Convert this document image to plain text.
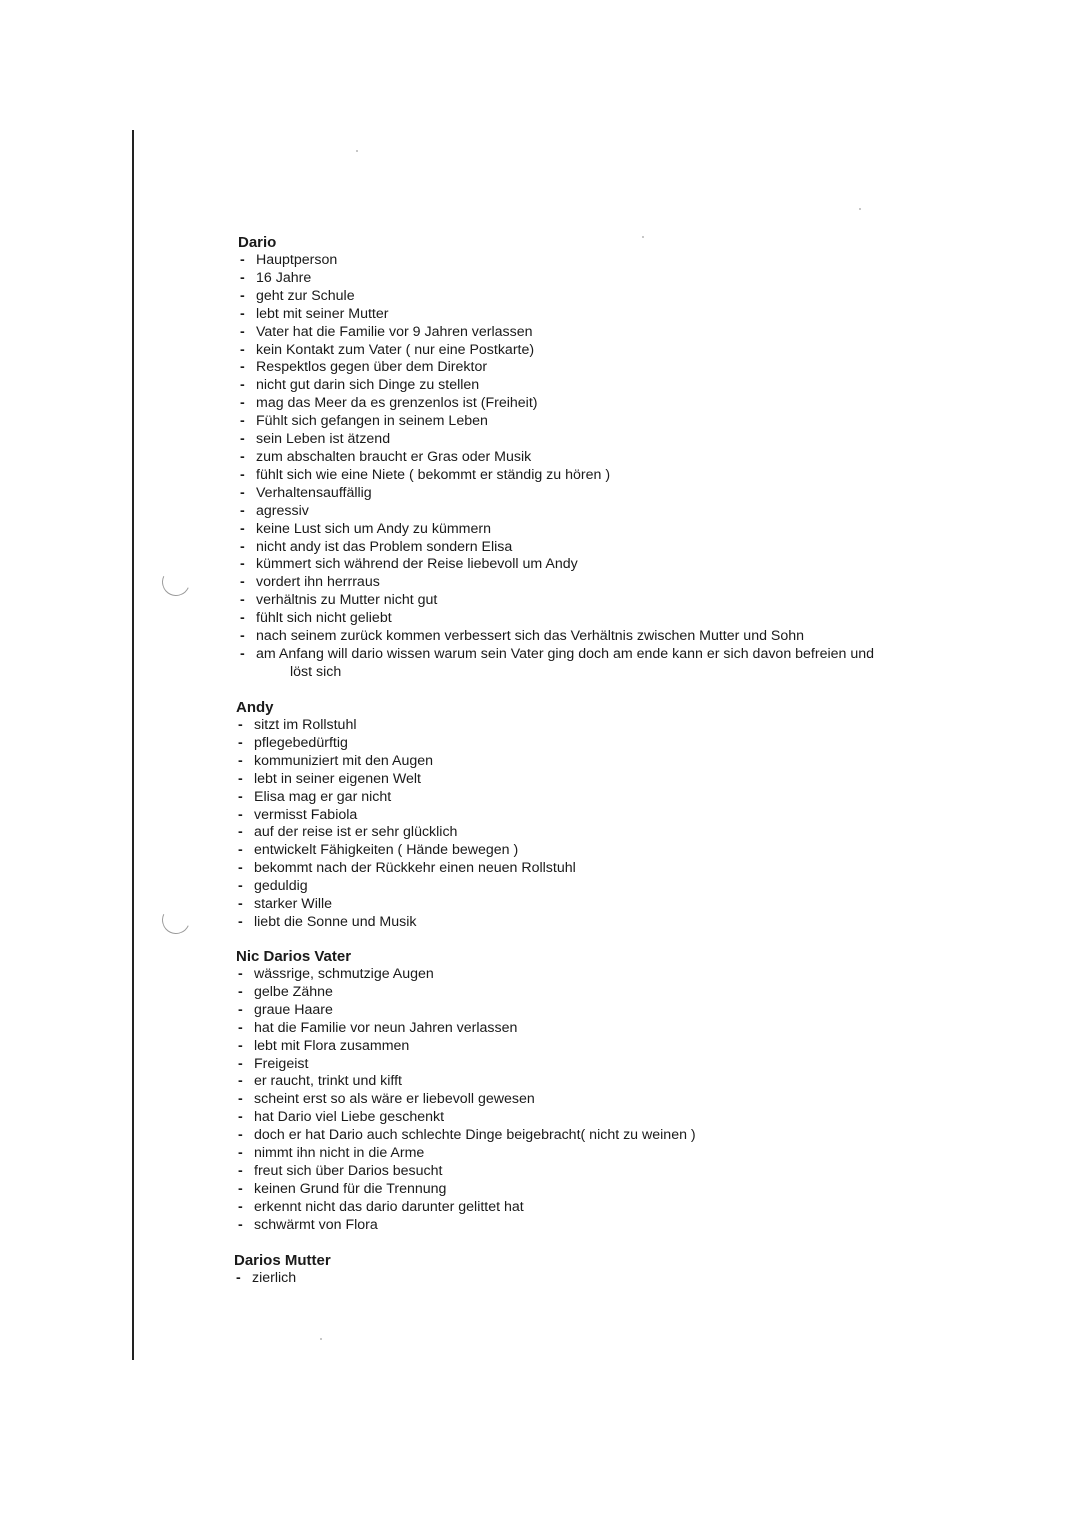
Dario

- Hauptperson
- 16 Jahre
- geht zur Schule
- lebt mit seiner Mutter
- Vater hat die Familie vor 9 Jahren verlassen
- kein Kontakt zum Vater ( nur eine Postkarte)
- Respektlos gegen über dem Direktor
- nicht gut darin sich Dinge zu stellen
- mag das Meer da es grenzenlos ist (Freiheit)
- Fühlt sich gefangen in seinem Leben
- sein Leben ist ätzend
- zum abschalten braucht er Gras oder Musik
- fühlt sich wie eine Niete ( bekommt er ständig zu hören )
- Verhaltensauffällig
- agressiv
- keine Lust sich um Andy zu kümmern
- nicht andy ist das Problem sondern Elisa
- kümmert sich während der Reise liebevoll um Andy
- vordert ihn herrraus
- verhältnis zu Mutter nicht gut
- fühlt sich nicht geliebt
- nach seinem zurück kommen verbessert sich das Verhältnis zwischen Mutter und Sohn
- am Anfang will dario wissen warum sein Vater ging doch am ende kann er sich davon befreien und
löst sich

Andy

- sitzt im Rollstuhl
- pflegebedürftig
- kommuniziert mit den Augen
- lebt in seiner eigenen Welt
- Elisa mag er gar nicht
- vermisst Fabiola
- auf der reise ist er sehr glücklich
- entwickelt Fähigkeiten ( Hände bewegen )
- bekommt nach der Rückkehr einen neuen Rollstuhl
- geduldig
- starker Wille
- liebt die Sonne und Musik

Nic Darios Vater

- wässrige, schmutzige Augen
- gelbe Zähne
- graue Haare
- hat die Familie vor neun Jahren verlassen
- lebt mit Flora zusammen
- Freigeist
- er raucht, trinkt und kifft
- scheint erst so als wäre er liebevoll gewesen
- hat Dario viel Liebe geschenkt
- doch er hat Dario auch schlechte Dinge beigebracht( nicht zu weinen )
- nimmt ihn nicht in die Arme
- freut sich über Darios besucht
- keinen Grund für die Trennung
- erkennt nicht das dario darunter gelittet hat
- schwärmt von Flora

Darios Mutter

- zierlich
